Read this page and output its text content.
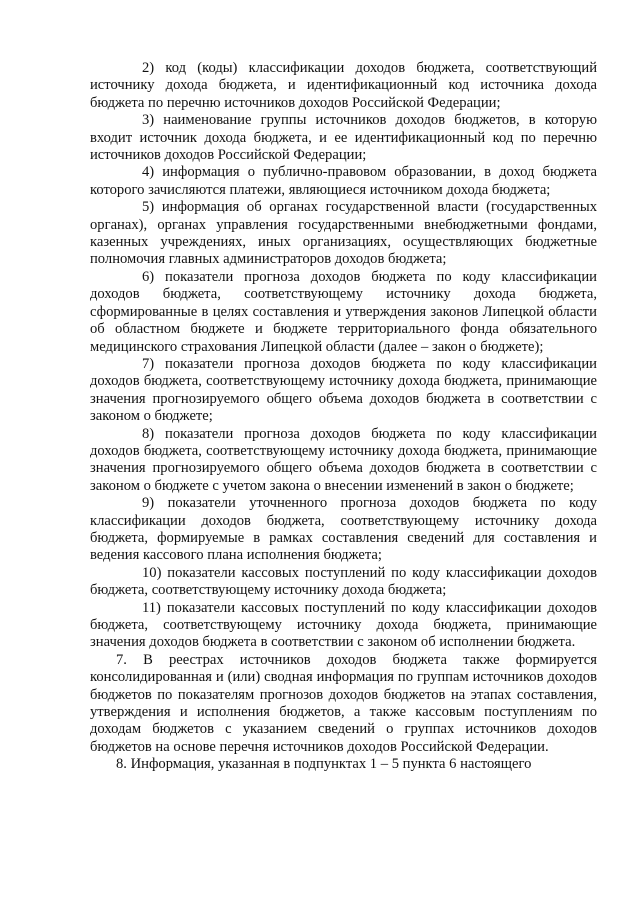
2) код (коды) классификации доходов бюджета, соответствующий источнику дохода бюджета, и идентификационный код источника дохода бюджета по перечню источников доходов Российской Федерации;

3) наименование группы источников доходов бюджетов, в которую входит источник дохода бюджета, и ее идентификационный код по перечню источников доходов Российской Федерации;

4) информация о публично-правовом образовании, в доход бюджета которого зачисляются платежи, являющиеся источником дохода бюджета;

5) информация об органах государственной власти (государственных органах), органах управления государственными внебюджетными фондами, казенных учреждениях, иных организациях, осуществляющих бюджетные полномочия главных администраторов доходов бюджета;

6) показатели прогноза доходов бюджета по коду классификации доходов бюджета, соответствующему источнику дохода бюджета, сформированные в целях составления и утверждения законов Липецкой области об областном бюджете и бюджете территориального фонда обязательного медицинского страхования Липецкой области (далее – закон о бюджете);

7) показатели прогноза доходов бюджета по коду классификации доходов бюджета, соответствующему источнику дохода бюджета, принимающие значения прогнозируемого общего объема доходов бюджета в соответствии с законом о бюджете;

8) показатели прогноза доходов бюджета по коду классификации доходов бюджета, соответствующему источнику дохода бюджета, принимающие значения прогнозируемого общего объема доходов бюджета в соответствии с законом о бюджете с учетом закона о внесении изменений в закон о бюджете;

9) показатели уточненного прогноза доходов бюджета по коду классификации доходов бюджета, соответствующему источнику дохода бюджета, формируемые в рамках составления сведений для составления и ведения кассового плана исполнения бюджета;

10) показатели кассовых поступлений по коду классификации доходов бюджета, соответствующему источнику дохода бюджета;

11) показатели кассовых поступлений по коду классификации доходов бюджета, соответствующему источнику дохода бюджета, принимающие значения доходов бюджета в соответствии с законом об исполнении бюджета.

7. В реестрах источников доходов бюджета также формируется консолидированная и (или) сводная информация по группам источников доходов бюджетов по показателям прогнозов доходов бюджетов на этапах составления, утверждения и исполнения бюджетов, а также кассовым поступлениям по доходам бюджетов с указанием сведений о группах источников доходов бюджетов на основе перечня источников доходов Российской Федерации.

8. Информация, указанная в подпунктах 1 – 5 пункта 6 настоящего
